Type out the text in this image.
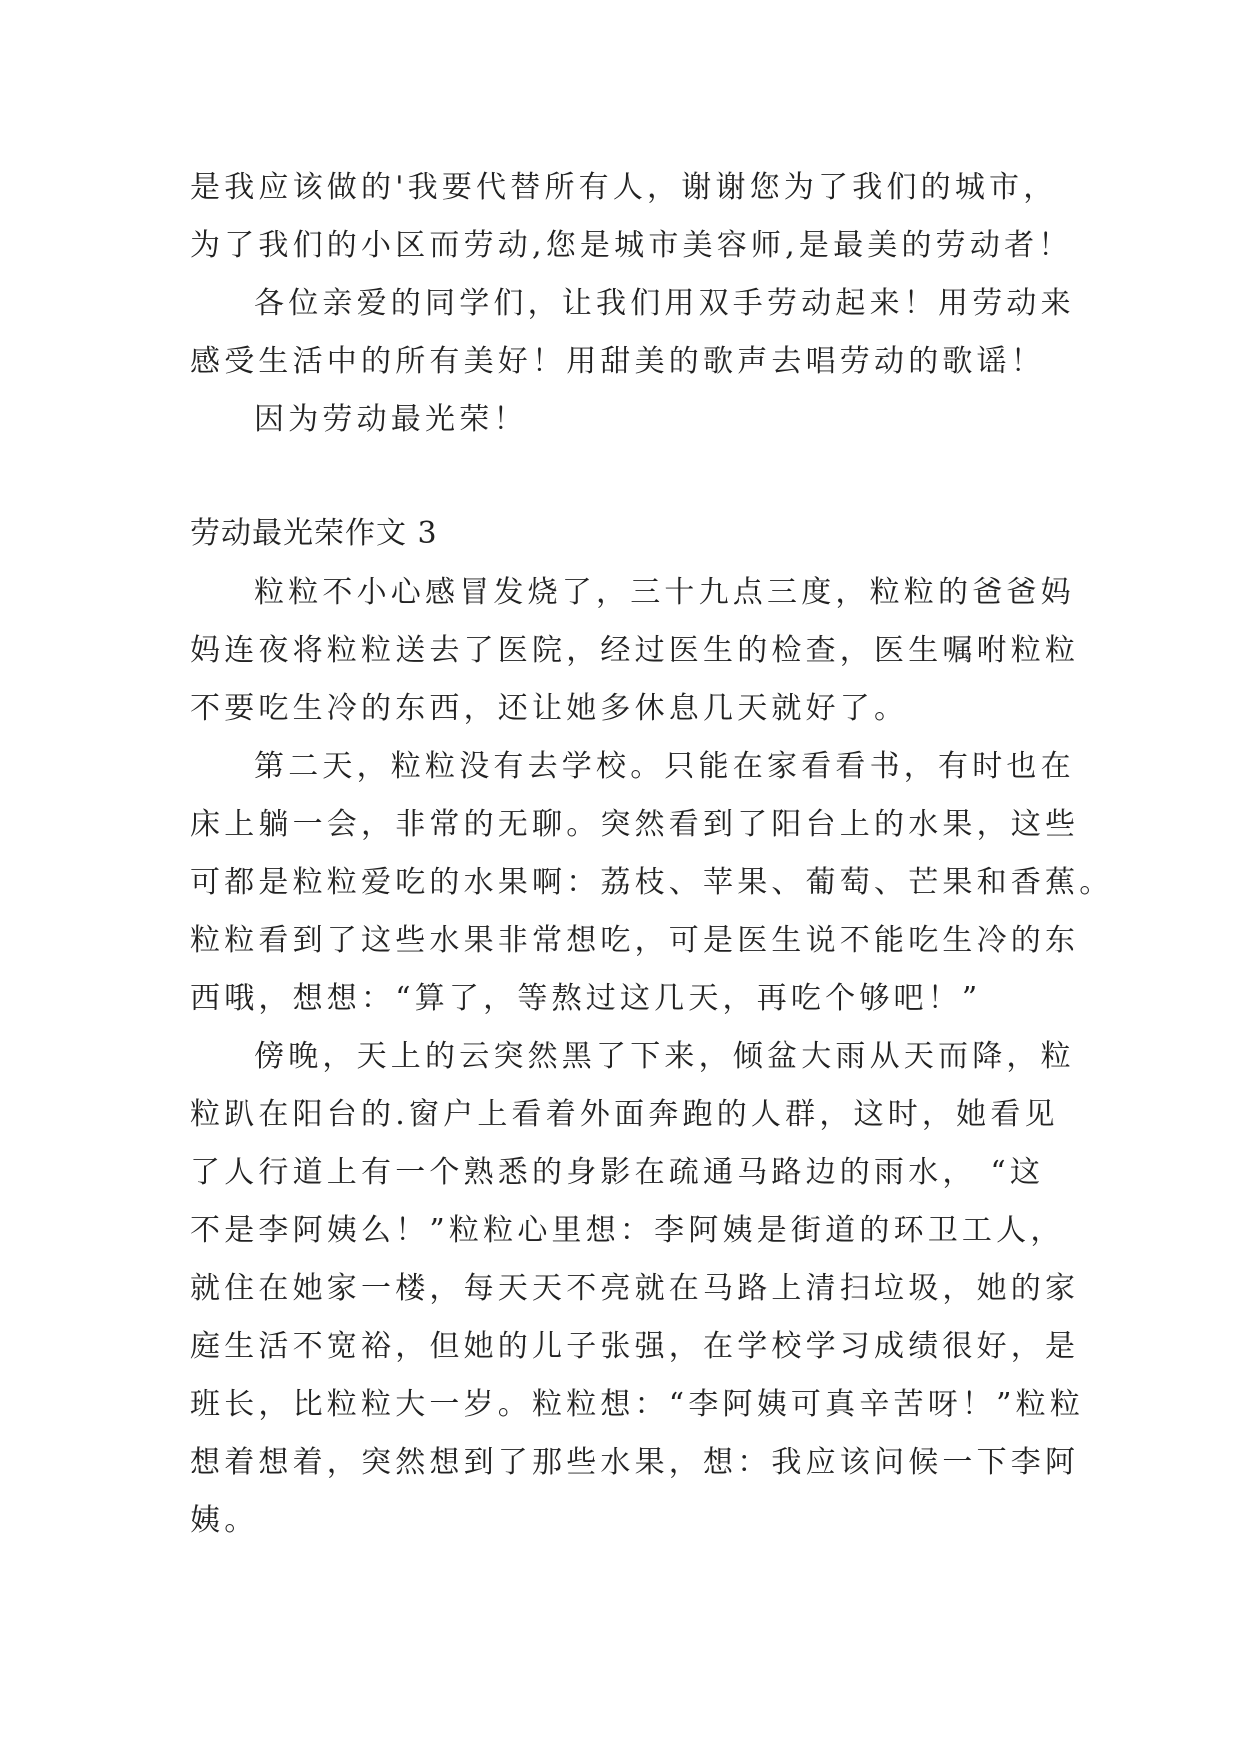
是我应该做的'我要代替所有人，谢谢您为了我们的城市，
为了我们的小区而劳动,您是城市美容师,是最美的劳动者！
各位亲爱的同学们，让我们用双手劳动起来！用劳动来
感受生活中的所有美好！用甜美的歌声去唱劳动的歌谣！
因为劳动最光荣！
劳动最光荣作文 3
粒粒不小心感冒发烧了，三十九点三度，粒粒的爸爸妈
妈连夜将粒粒送去了医院，经过医生的检查，医生嘱咐粒粒
不要吃生冷的东西，还让她多休息几天就好了。
第二天，粒粒没有去学校。只能在家看看书，有时也在
床上躺一会，非常的无聊。突然看到了阳台上的水果，这些
可都是粒粒爱吃的水果啊：荔枝、苹果、葡萄、芒果和香蕉。
粒粒看到了这些水果非常想吃，可是医生说不能吃生冷的东
西哦，想想：“算了，等熬过这几天，再吃个够吧！”
傍晚，天上的云突然黑了下来，倾盆大雨从天而降，粒
粒趴在阳台的.窗户上看着外面奔跑的人群，这时，她看见
了人行道上有一个熟悉的身影在疏通马路边的雨水， “这
不是李阿姨么！”粒粒心里想：李阿姨是街道的环卫工人，
就住在她家一楼，每天天不亮就在马路上清扫垃圾，她的家
庭生活不宽裕，但她的儿子张强，在学校学习成绩很好，是
班长，比粒粒大一岁。粒粒想：“李阿姨可真辛苦呀！”粒粒
想着想着，突然想到了那些水果，想：我应该问候一下李阿
姨。
